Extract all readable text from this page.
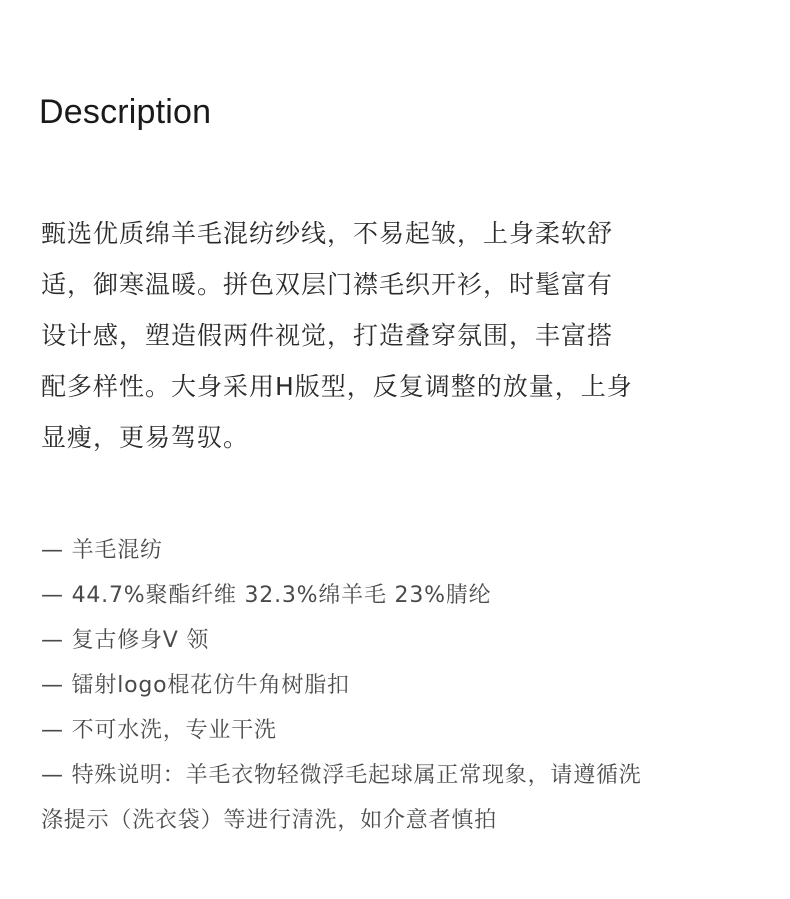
Description
甄选优质绵羊毛混纺纱线，不易起皱，上身柔软舒
适，御寒温暖。拼色双层门襟毛织开衫，时髦富有
设计感，塑造假两件视觉，打造叠穿氛围，丰富搭
配多样性。大身采用H版型，反复调整的放量，上身
显瘦，更易驾驭。
— 羊毛混纺
— 44.7%聚酯纤维 32.3%绵羊毛 23%腈纶
— 复古修身V 领
— 镭射logo棍花仿牛角树脂扣
— 不可水洗，专业干洗
— 特殊说明：羊毛衣物轻微浮毛起球属正常现象，请遵循洗
涤提示（洗衣袋）等进行清洗，如介意者慎拍
